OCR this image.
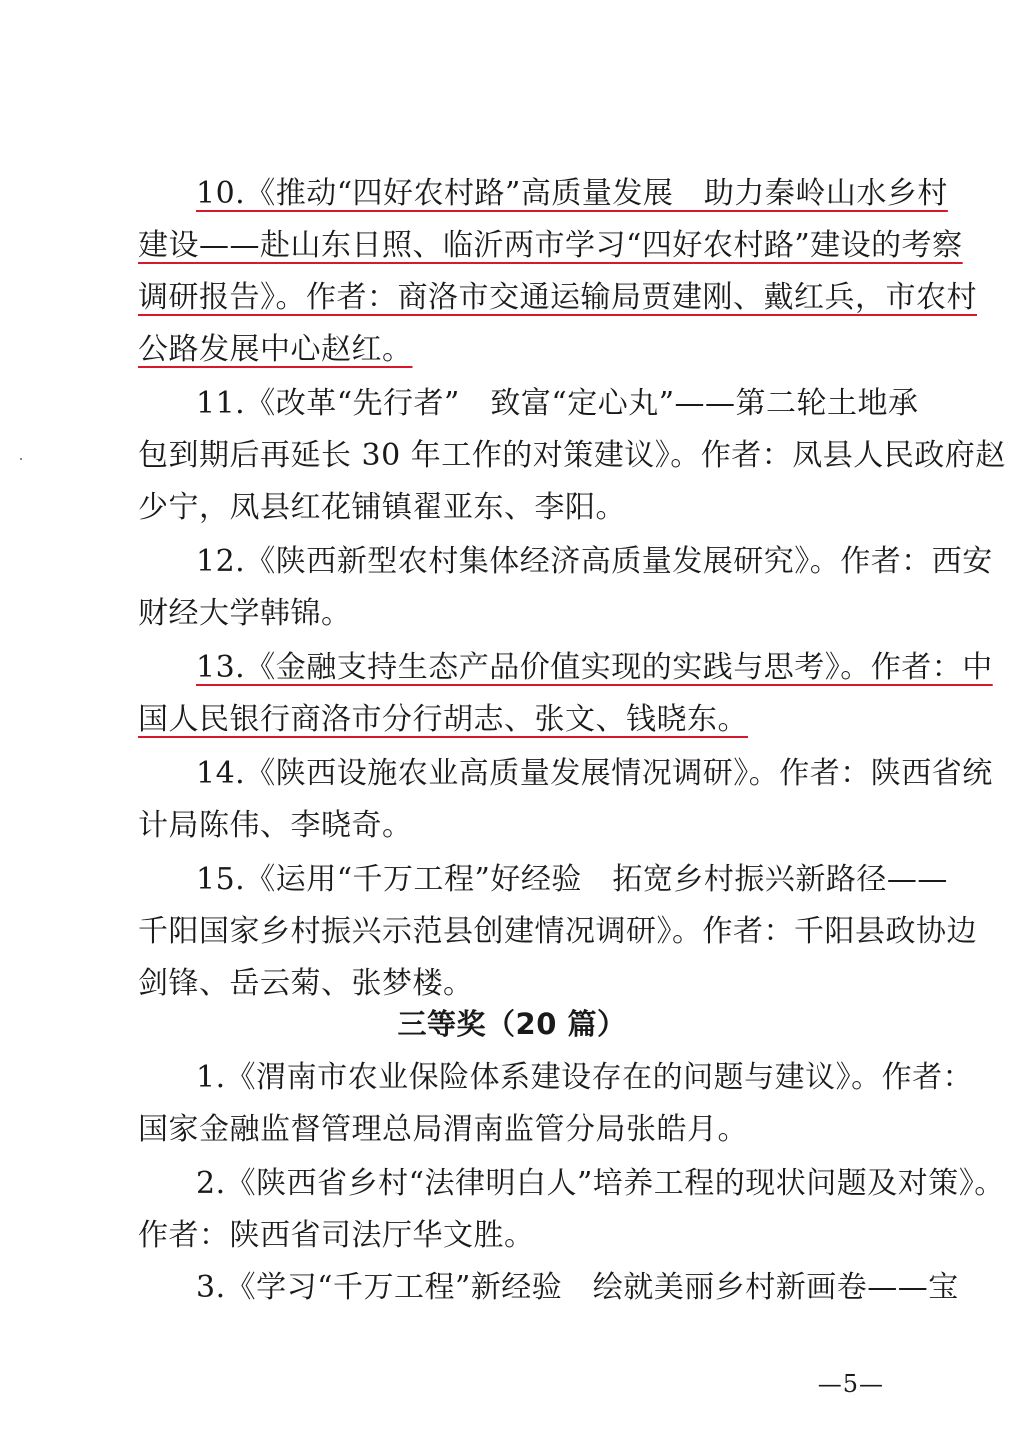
10.《推动“四好农村路”高质量发展　助力秦岭山水乡村
建设——赴山东日照、临沂两市学习“四好农村路”建设的考察
调研报告》。作者：商洛市交通运输局贾建刚、戴红兵，市农村
公路发展中心赵红。
11.《改革“先行者”　致富“定心丸”——第二轮土地承
包到期后再延长 30 年工作的对策建议》。作者：凤县人民政府赵
少宁，凤县红花铺镇翟亚东、李阳。
12.《陕西新型农村集体经济高质量发展研究》。作者：西安
财经大学韩锦。
13.《金融支持生态产品价值实现的实践与思考》。作者：中
国人民银行商洛市分行胡志、张文、钱晓东。
14.《陕西设施农业高质量发展情况调研》。作者：陕西省统
计局陈伟、李晓奇。
15.《运用“千万工程”好经验　拓宽乡村振兴新路径——
千阳国家乡村振兴示范县创建情况调研》。作者：千阳县政协边
剑锋、岳云菊、张梦楼。
三等奖（20 篇）
1.《渭南市农业保险体系建设存在的问题与建议》。作者：
国家金融监督管理总局渭南监管分局张皓月。
2.《陕西省乡村“法律明白人”培养工程的现状问题及对策》。
作者：陕西省司法厅华文胜。
3.《学习“千万工程”新经验　绘就美丽乡村新画卷——宝
—5—
